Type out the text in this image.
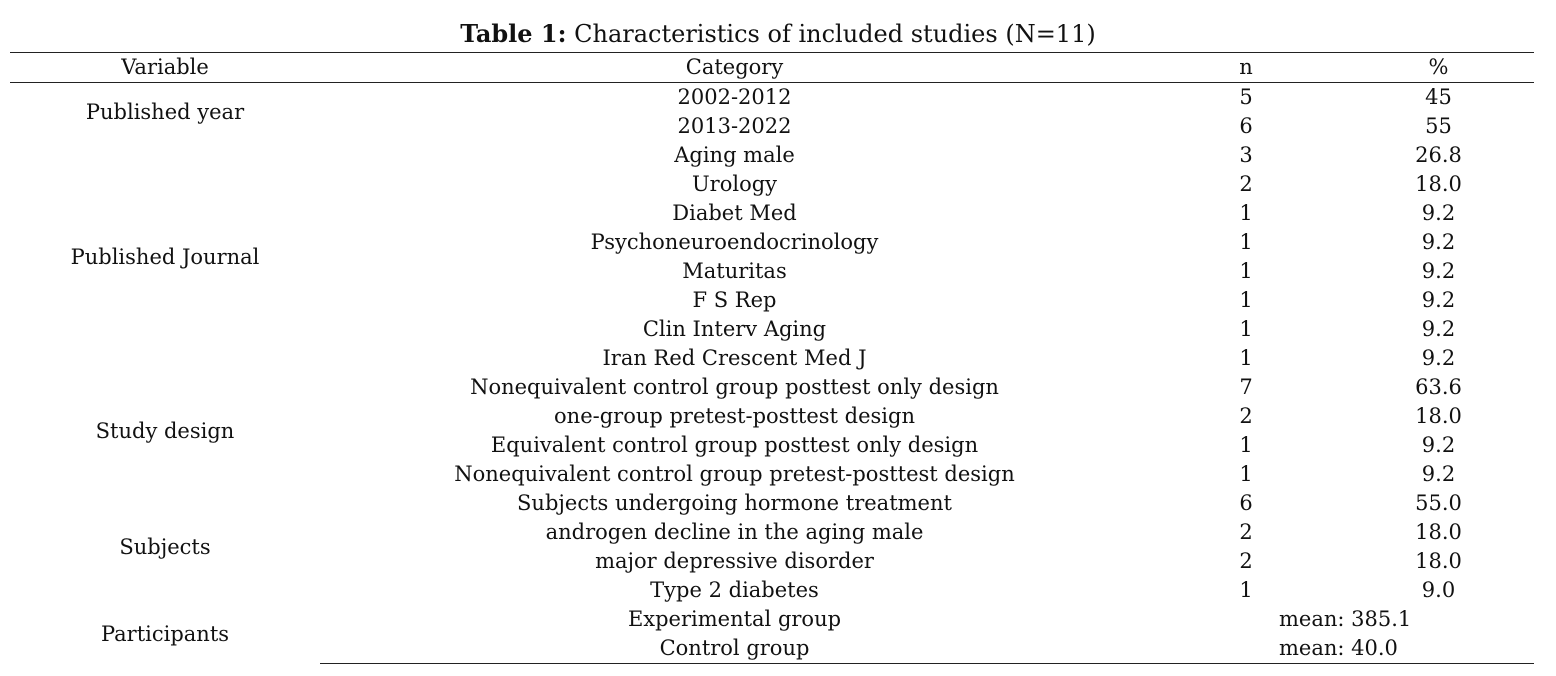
Table 1: Characteristics of included studies (N=11)
Variable	Category	n	%
Published year	2002-2012	5	45
	2013-2022	6	55
Published Journal	Aging male	3	26.8
	Urology	2	18.0
	Diabet Med	1	9.2
	Psychoneuroendocrinology	1	9.2
	Maturitas	1	9.2
	F S Rep	1	9.2
	Clin Interv Aging	1	9.2
	Iran Red Crescent Med J	1	9.2
Study design	Nonequivalent control group posttest only design	7	63.6
	one-group pretest-posttest design	2	18.0
	Equivalent control group posttest only design	1	9.2
	Nonequivalent control group pretest-posttest design	1	9.2
Subjects	Subjects undergoing hormone treatment	6	55.0
	androgen decline in the aging male	2	18.0
	major depressive disorder	2	18.0
	Type 2 diabetes	1	9.0
Participants	Experimental group	mean: 385.1	
	Control group	mean: 40.0	
